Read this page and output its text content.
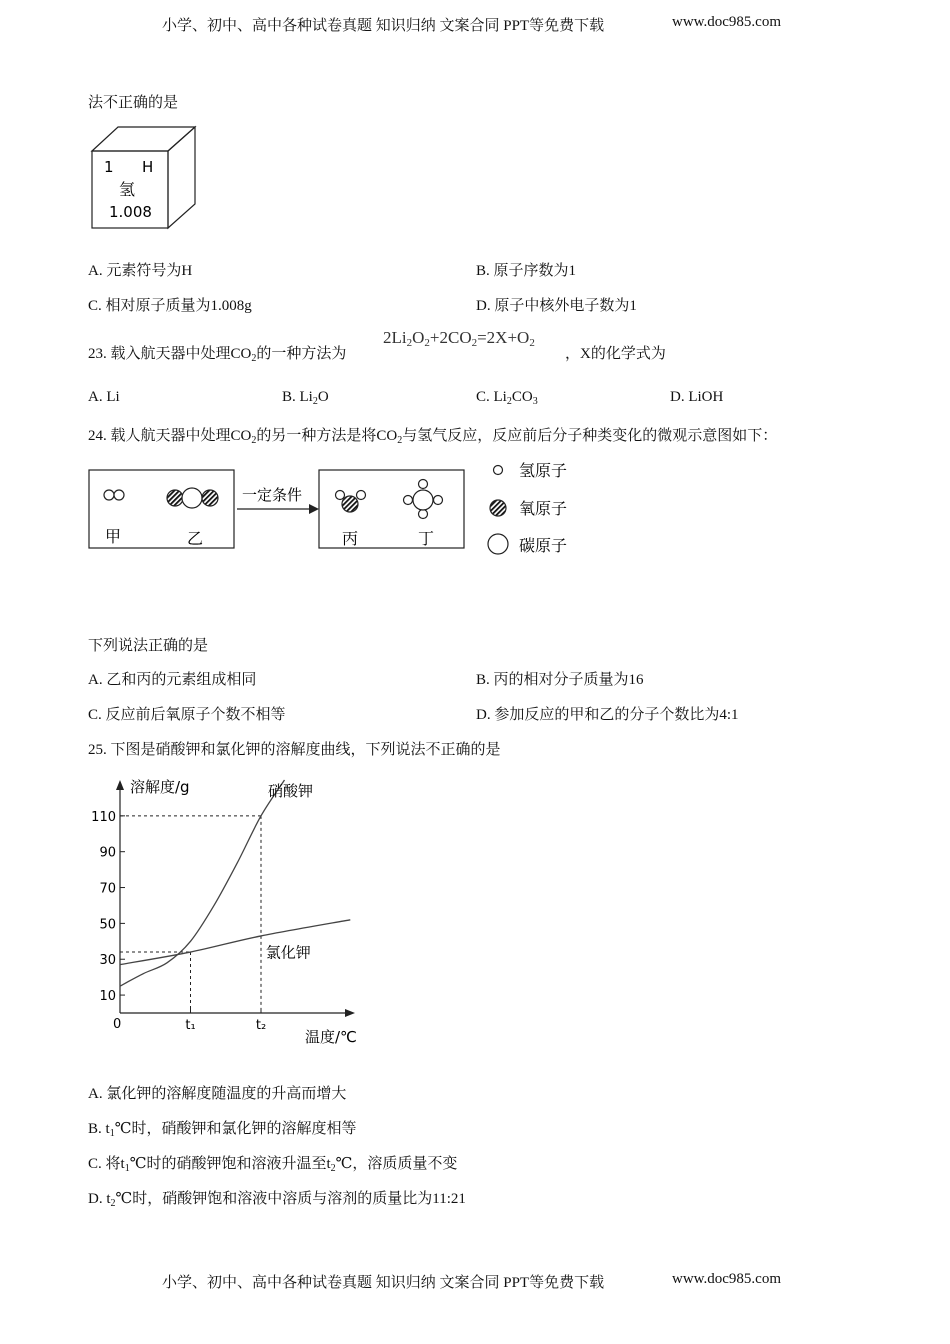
小学、初中、高中各种试卷真题 知识归纳 文案合同 PPT等免费下载	www.doc985.com
法不正确的是
1 H
氢
1.008
A. 元素符号为H	B. 原子序数为1
C. 相对原子质量为1.008g	D. 原子中核外电子数为1
23. 载入航天器中处理$CO_2$的一种方法为
$2Li_2O_2+2CO_2=2X+O_2$
，X的化学式为
A. Li	B. $Li_2O$	C. $Li_2CO_3$	D. LiOH
24. 载人航天器中处理$CO_2$的另一种方法是将$CO_2$与氢气反应，反应前后分子种类变化的微观示意图如下：
甲	乙
一定条件
丙	丁
氢原子
氧原子
碳原子
下列说法正确的是
A. 乙和丙的元素组成相同	B. 丙的相对分子质量为16
C. 反应前后氧原子个数不相等	D. 参加反应的甲和乙的分子个数比为4:1
25. 下图是硝酸钾和氯化钾的溶解度曲线，下列说法不正确的是
溶解度/g
温度/℃
0
10
30
50
70
90
110
t₁	t₂
硝酸钾
氯化钾
A. 氯化钾的溶解度随温度的升高而增大
B. $t_1℃$时，硝酸钾和氯化钾的溶解度相等
C. 将$t_1℃$时的硝酸钾饱和溶液升温至$t_2℃$，溶质质量不变
D. $t_2℃$时，硝酸钾饱和溶液中溶质与溶剂的质量比为11:21
小学、初中、高中各种试卷真题 知识归纳 文案合同 PPT等免费下载	www.doc985.com
